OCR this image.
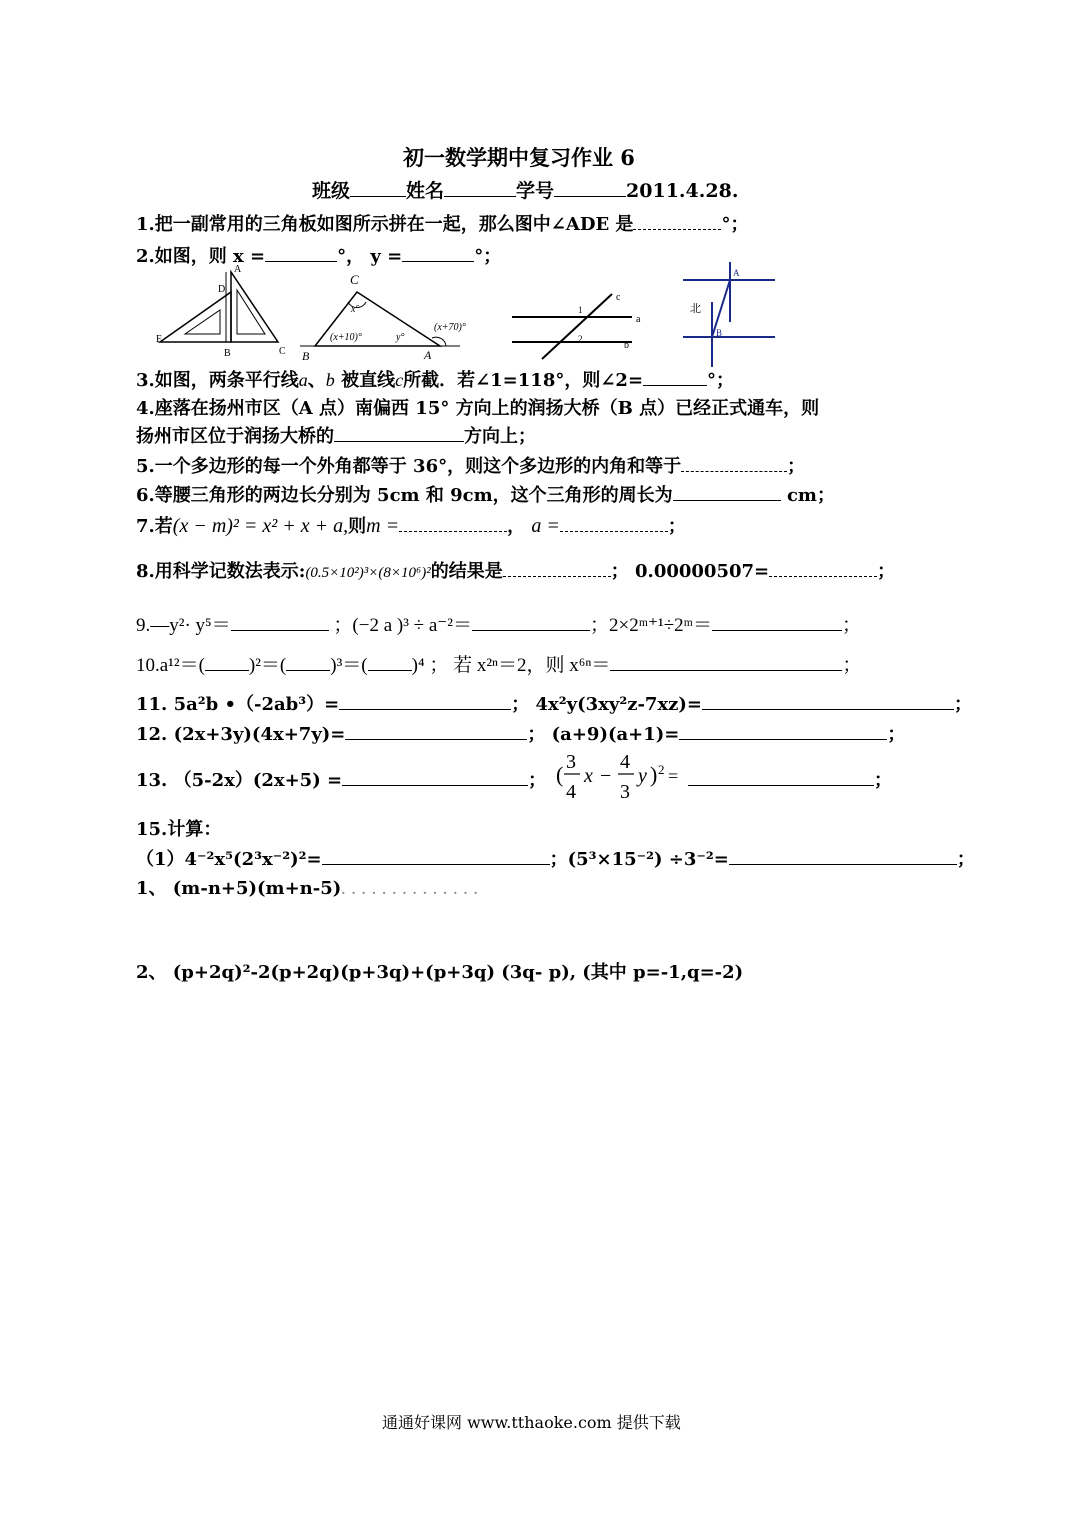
初一数学期中复习作业 6
班级	姓名	学号	2011.4.28.
1.把一副常用的三角板如图所示拼在一起，那么图中∠ADE 是	°；
2.如图，则 x =	°， y =	°；
A
D
E
B	C
C
x°
(x+10)°	y°
(x+70)°
B	A
c
1
a
2
b
A
北
B
3.如图，两条平行线a、b 被直线c所截．若∠1=118°，则∠2=	°；
4.座落在扬州市区（A 点）南偏西 15° 方向上的润扬大桥（B 点）已经正式通车，则
扬州市区位于润扬大桥的	方向上；
5.一个多边形的每一个外角都等于 36°，则这个多边形的内角和等于	；
6.等腰三角形的两边长分别为 5cm 和 9cm，这个三角形的周长为	cm；
7.若(x − m)² = x² + x + a,则m =	， a =	；
8.用科学记数法表示:(0.5×10²)³×(8×10⁶)²的结果是	； 0.00000507=	；
9.—y²· y⁵＝	；(−2 a )³ ÷ a⁻²＝	；2×2ᵐ⁺¹÷2ᵐ＝	；
10.a¹²＝( )²＝( )³＝( )⁴ ； 若 x²ⁿ＝2，则 x⁶ⁿ＝	；
11. 5a²b •（-2ab³）=	； 4x²y(3xy²z-7xz)=	；
12. (2x+3y)(4x+7y)=	； (a+9)(a+1)=	；
13. （5-2x）(2x+5) =	； ( 3
4
x −
4
3
y ) 2 =	；
15.计算：
（1）4⁻²x⁵(2³x⁻²)²=	；(5³×15⁻²) ÷3⁻²=	；
1、 (m-n+5)(m+n-5)..............
2、 (p+2q)²-2(p+2q)(p+3q)+(p+3q) (3q- p), (其中 p=-1,q=-2)
通通好课网 www.tthaoke.com 提供下载
